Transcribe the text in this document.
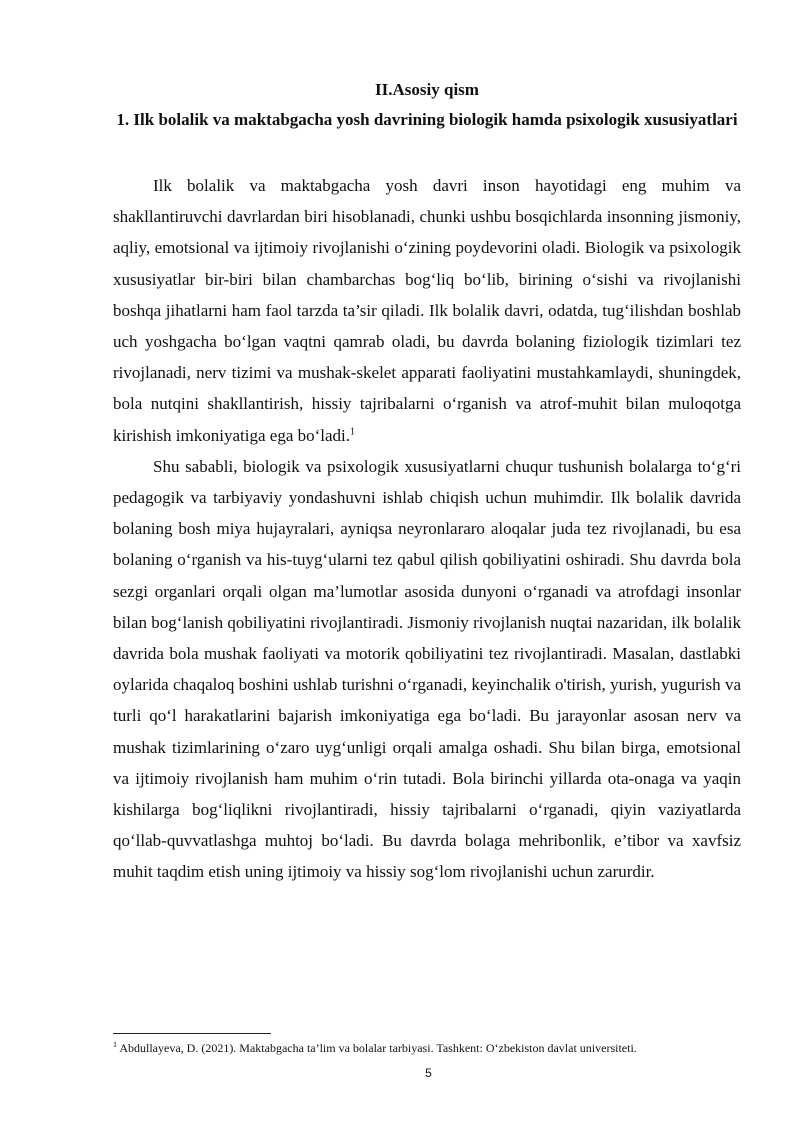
II.Asosiy qism
1. Ilk bolalik va maktabgacha yosh davrining biologik hamda psixologik xususiyatlari

Ilk bolalik va maktabgacha yosh davri inson hayotidagi eng muhim va shakllantiruvchi davrlardan biri hisoblanadi, chunki ushbu bosqichlarda insonning jismoniy, aqliy, emotsional va ijtimoiy rivojlanishi o‘zining poydevorini oladi. Biologik va psixologik xususiyatlar bir-biri bilan chambarchas bog‘liq bo‘lib, birining o‘sishi va rivojlanishi boshqa jihatlarni ham faol tarzda ta’sir qiladi. Ilk bolalik davri, odatda, tug‘ilishdan boshlab uch yoshgacha bo‘lgan vaqtni qamrab oladi, bu davrda bolaning fiziologik tizimlari tez rivojlanadi, nerv tizimi va mushak-skelet apparati faoliyatini mustahkamlaydi, shuningdek, bola nutqini shakllantirish, hissiy tajribalarni o‘rganish va atrof-muhit bilan muloqotga kirishish imkoniyatiga ega bo‘ladi.$^1$

Shu sababli, biologik va psixologik xususiyatlarni chuqur tushunish bolalarga to‘g‘ri pedagogik va tarbiyaviy yondashuvni ishlab chiqish uchun muhimdir. Ilk bolalik davrida bolaning bosh miya hujayralari, ayniqsa neyronlararo aloqalar juda tez rivojlanadi, bu esa bolaning o‘rganish va his-tuyg‘ularni tez qabul qilish qobiliyatini oshiradi. Shu davrda bola sezgi organlari orqali olgan ma’lumotlar asosida dunyoni o‘rganadi va atrofdagi insonlar bilan bog‘lanish qobiliyatini rivojlantiradi. Jismoniy rivojlanish nuqtai nazaridan, ilk bolalik davrida bola mushak faoliyati va motorik qobiliyatini tez rivojlantiradi. Masalan, dastlabki oylarida chaqaloq boshini ushlab turishni o‘rganadi, keyinchalik o'tirish, yurish, yugurish va turli qo‘l harakatlarini bajarish imkoniyatiga ega bo‘ladi. Bu jarayonlar asosan nerv va mushak tizimlarining o‘zaro uyg‘unligi orqali amalga oshadi. Shu bilan birga, emotsional va ijtimoiy rivojlanish ham muhim o‘rin tutadi. Bola birinchi yillarda ota-onaga va yaqin kishilarga bog‘liqlikni rivojlantiradi, hissiy tajribalarni o‘rganadi, qiyin vaziyatlarda qo‘llab-quvvatlashga muhtoj bo‘ladi. Bu davrda bolaga mehribonlik, e’tibor va xavfsiz muhit taqdim etish uning ijtimoiy va hissiy sog‘lom rivojlanishi uchun zarurdir.

$^1$ Abdullayeva, D. (2021). Maktabgacha ta’lim va bolalar tarbiyasi. Tashkent: O‘zbekiston davlat universiteti.
5
